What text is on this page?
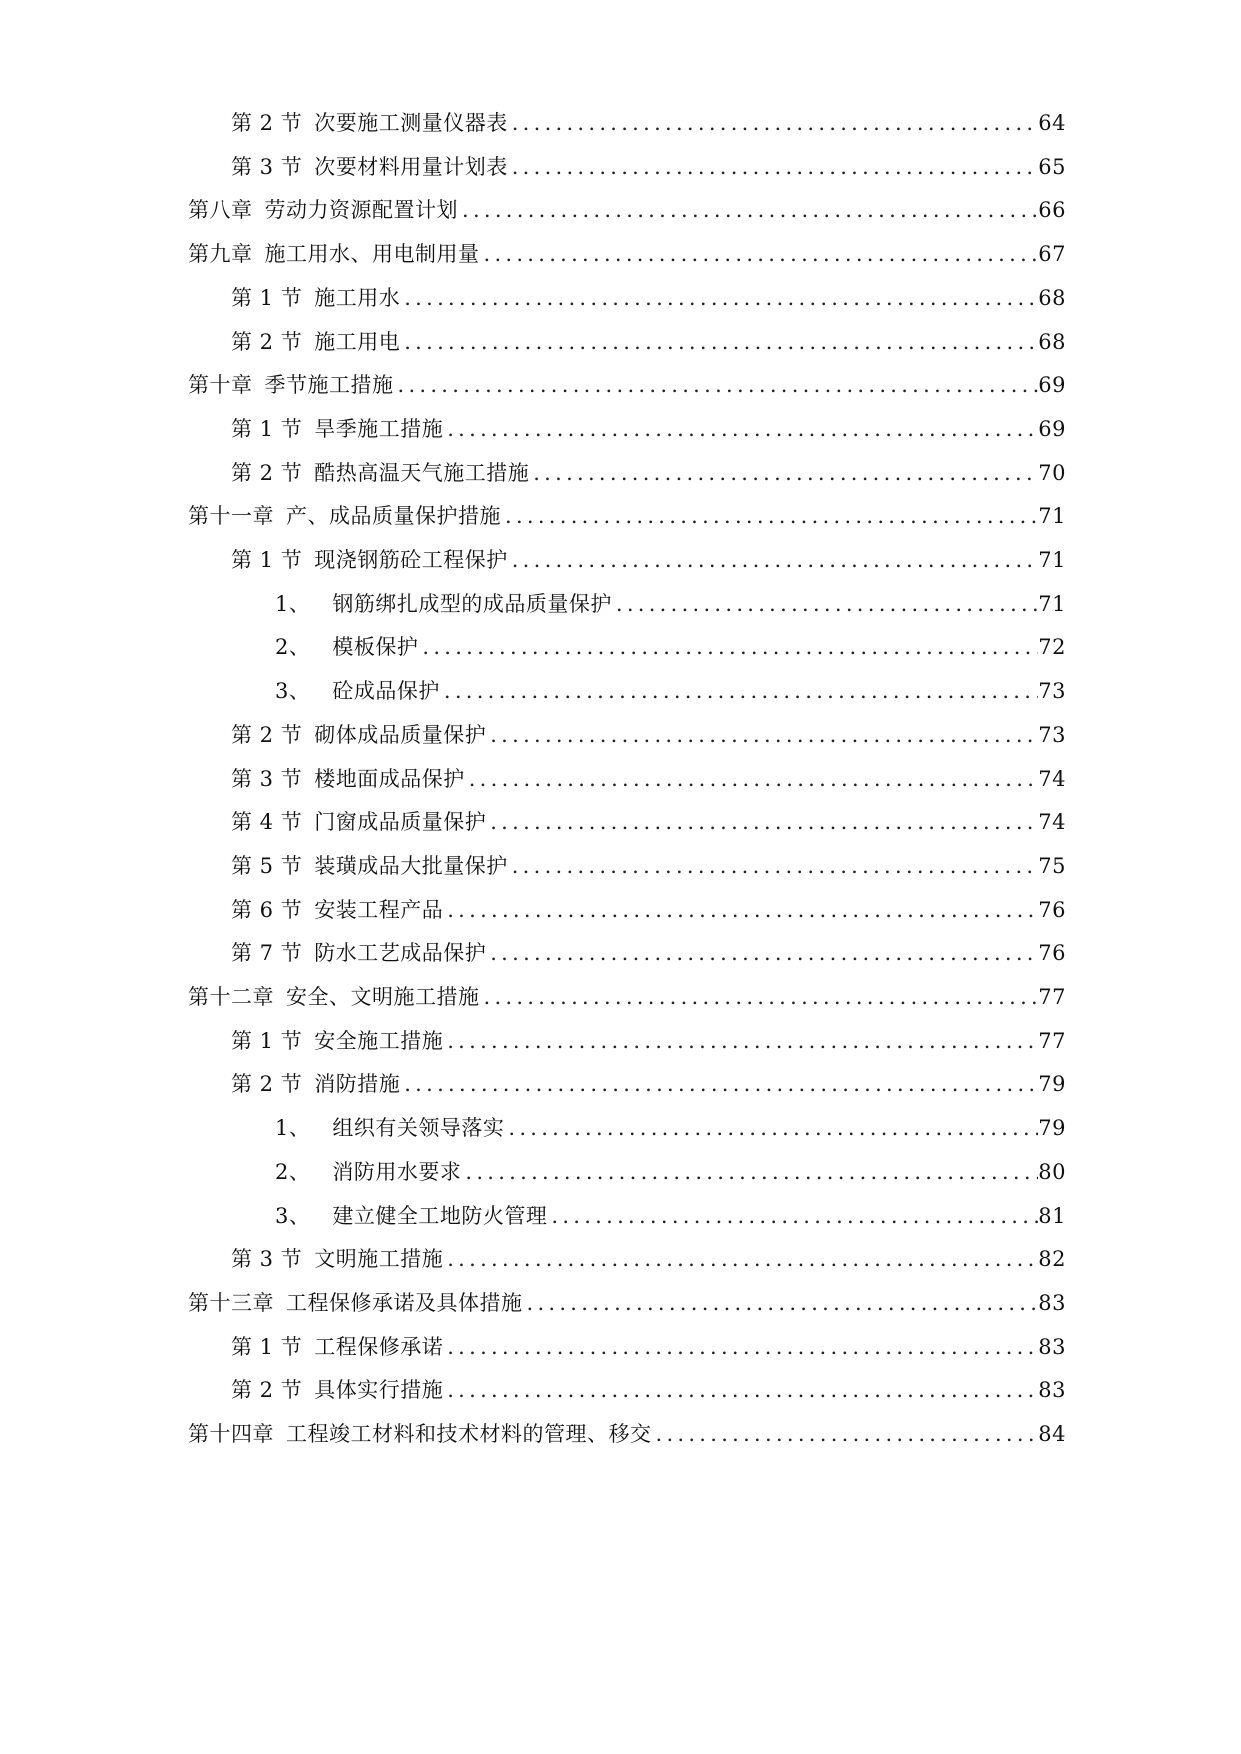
第 2 节 次要施工测量仪器表 . . .	64
第 3 节 次要材料用量计划表 . . .	65
第八章 劳动力资源配置计划 . . .	66
第九章 施工用水、用电制用量 . . .	67
第 1 节 施工用水 . . .	68
第 2 节 施工用电 . . .	68
第十章 季节施工措施 . . .	69
第 1 节 旱季施工措施 . . .	69
第 2 节 酷热高温天气施工措施 . . .	70
第十一章 产、成品质量保护措施 . . .	71
第 1 节 现浇钢筋砼工程保护 . . .	71
1、 钢筋绑扎成型的成品质量保护 . . .	71
2、 模板保护 . . .	72
3、 砼成品保护 . . .	73
第 2 节 砌体成品质量保护 . . .	73
第 3 节 楼地面成品保护 . . .	74
第 4 节 门窗成品质量保护 . . .	74
第 5 节 装璜成品大批量保护 . . .	75
第 6 节 安装工程产品 . . .	76
第 7 节 防水工艺成品保护 . . .	76
第十二章 安全、文明施工措施 . . .	77
第 1 节 安全施工措施 . . .	77
第 2 节 消防措施 . . .	79
1、 组织有关领导落实 . . .	79
2、 消防用水要求 . . .	80
3、 建立健全工地防火管理 . . .	81
第 3 节 文明施工措施 . . .	82
第十三章 工程保修承诺及具体措施 . . .	83
第 1 节 工程保修承诺 . . .	83
第 2 节 具体实行措施 . . .	83
第十四章 工程竣工材料和技术材料的管理、移交 . . .	84
